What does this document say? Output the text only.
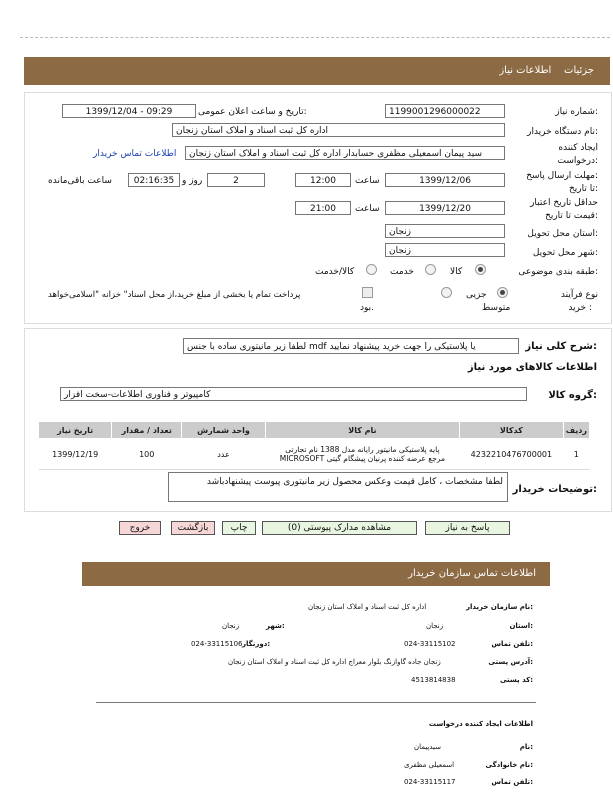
جزئیات    اطلاعات نیاز
شماره نیاز:
1199001296000022
تاریخ و ساعت اعلان عمومی:
1399/12/04 - 09:29
نام دستگاه خریدار:
اداره کل ثبت اسناد و املاک استان زنجان
ایجاد کننده
درخواست:
سید پیمان اسمعیلی مظفری حسابدار اداره کل ثبت اسناد و املاک استان زنجان
اطلاعات تماس خریدار
مهلت ارسال پاسخ:
تا تاریخ:
1399/12/06
ساعت
12:00
2
روز و
02:16:35
ساعت باقی‌مانده
حداقل تاریخ اعتبار
قیمت تا تاریخ:
1399/12/20
ساعت
21:00
استان محل تحویل:
زنجان
شهر محل تحویل:
زنجان
طبقه بندی موضوعی:
کالا
خدمت
کالا/خدمت
نوع فرآیند
خرید :
جزیی
متوسط
پرداخت تمام یا بخشی از مبلغ خرید،از محل اسناد" خزانه "اسلامی‌خواهد
بود.
شرح کلی نیاز:
لطفا زیر مانیتوری ساده با جنس mdf یا پلاستیکی را جهت خرید پیشنهاد نمایید
اطلاعات کالاهای مورد نیاز
گروه کالا:
کامپیوتر و فناوری اطلاعات-سخت افزار
تاریخ نیاز	تعداد / مقدار	واحد شمارش	نام کالا	کدکالا	ردیف
1399/12/19	100	عدد	پایه پلاستیکی مانیتور رایانه مدل 1388 نام تجارتی
MICROSOFT مرجع عرضه کننده پرنیان پیشگام گیتی	4232210476700001	1
توضیحات خریدار:
لطفا مشخصات ، کامل قیمت وعکس محصول زیر مانیتوری پیوست پیشنهادباشد
پاسخ به نیاز
مشاهده مدارک پیوستی (0)
چاپ
بازگشت
خروج
اطلاعات تماس سازمان خریدار
نام سازمان خریدار:
اداره کل ثبت اسناد و املاک استان زنجان
استان:
زنجان
شهر:
زنجان
تلفن تماس:
024-33115102
دورنگار:
024-33115106
آدرس پستی:
زنجان جاده گاوازنگ بلوار معراج اداره کل ثبت اسناد و املاک استان زنجان
کد پستی:
4513814838
اطلاعات ایجاد کننده درخواست
نام:
سیدپیمان
نام خانوادگی:
اسمعیلی مظفری
تلفن تماس:
024-33115117
